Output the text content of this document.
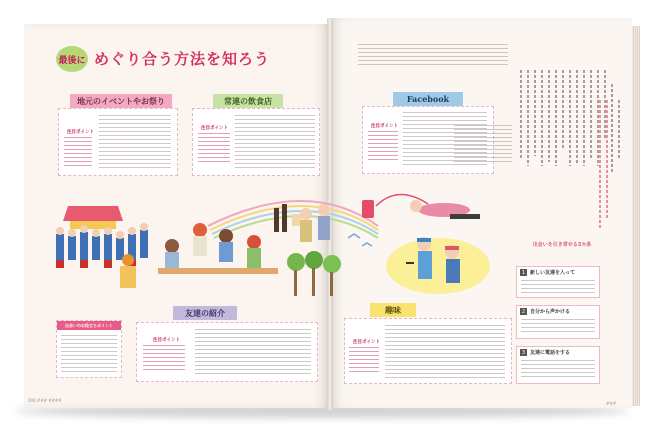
最後に めぐり合う方法を知ろう
地元のイベントやお祭り
注目ポイント
常連の飲食店
注目ポイント
Facebook
注目ポイント
出会いのお役立ちポイント
友達の紹介
注目ポイント
趣味
注目ポイント
出会いを引き寄せる3カ条
1 新しい友達を入って
2 自分から声かける
3 友達に電話をする
000 ### ####
###
